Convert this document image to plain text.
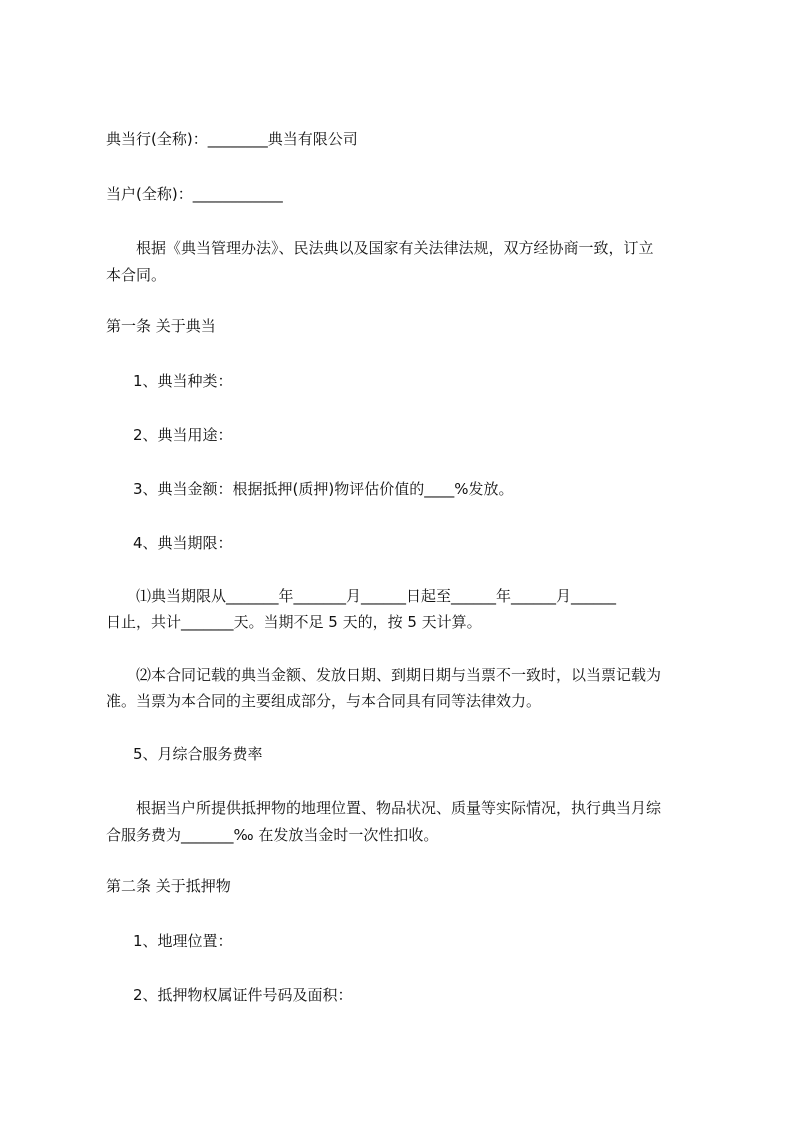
典当行(全称)：________典当有限公司

当户(全称)：____________

根据《典当管理办法》、民法典以及国家有关法律法规，双方经协商一致，订立

本合同。

第一条 关于典当

1、典当种类：

2、典当用途：

3、典当金额：根据抵押(质押)物评估价值的____%发放。

4、典当期限：

⑴典当期限从_______年_______月______日起至______年______月______

日止，共计_______天。当期不足 5 天的，按 5 天计算。

⑵本合同记载的典当金额、发放日期、到期日期与当票不一致时，以当票记载为

准。当票为本合同的主要组成部分，与本合同具有同等法律效力。

5、月综合服务费率

根据当户所提供抵押物的地理位置、物品状况、质量等实际情况，执行典当月综

合服务费为_______‰ 在发放当金时一次性扣收。

第二条 关于抵押物

1、地理位置：

2、抵押物权属证件号码及面积：
